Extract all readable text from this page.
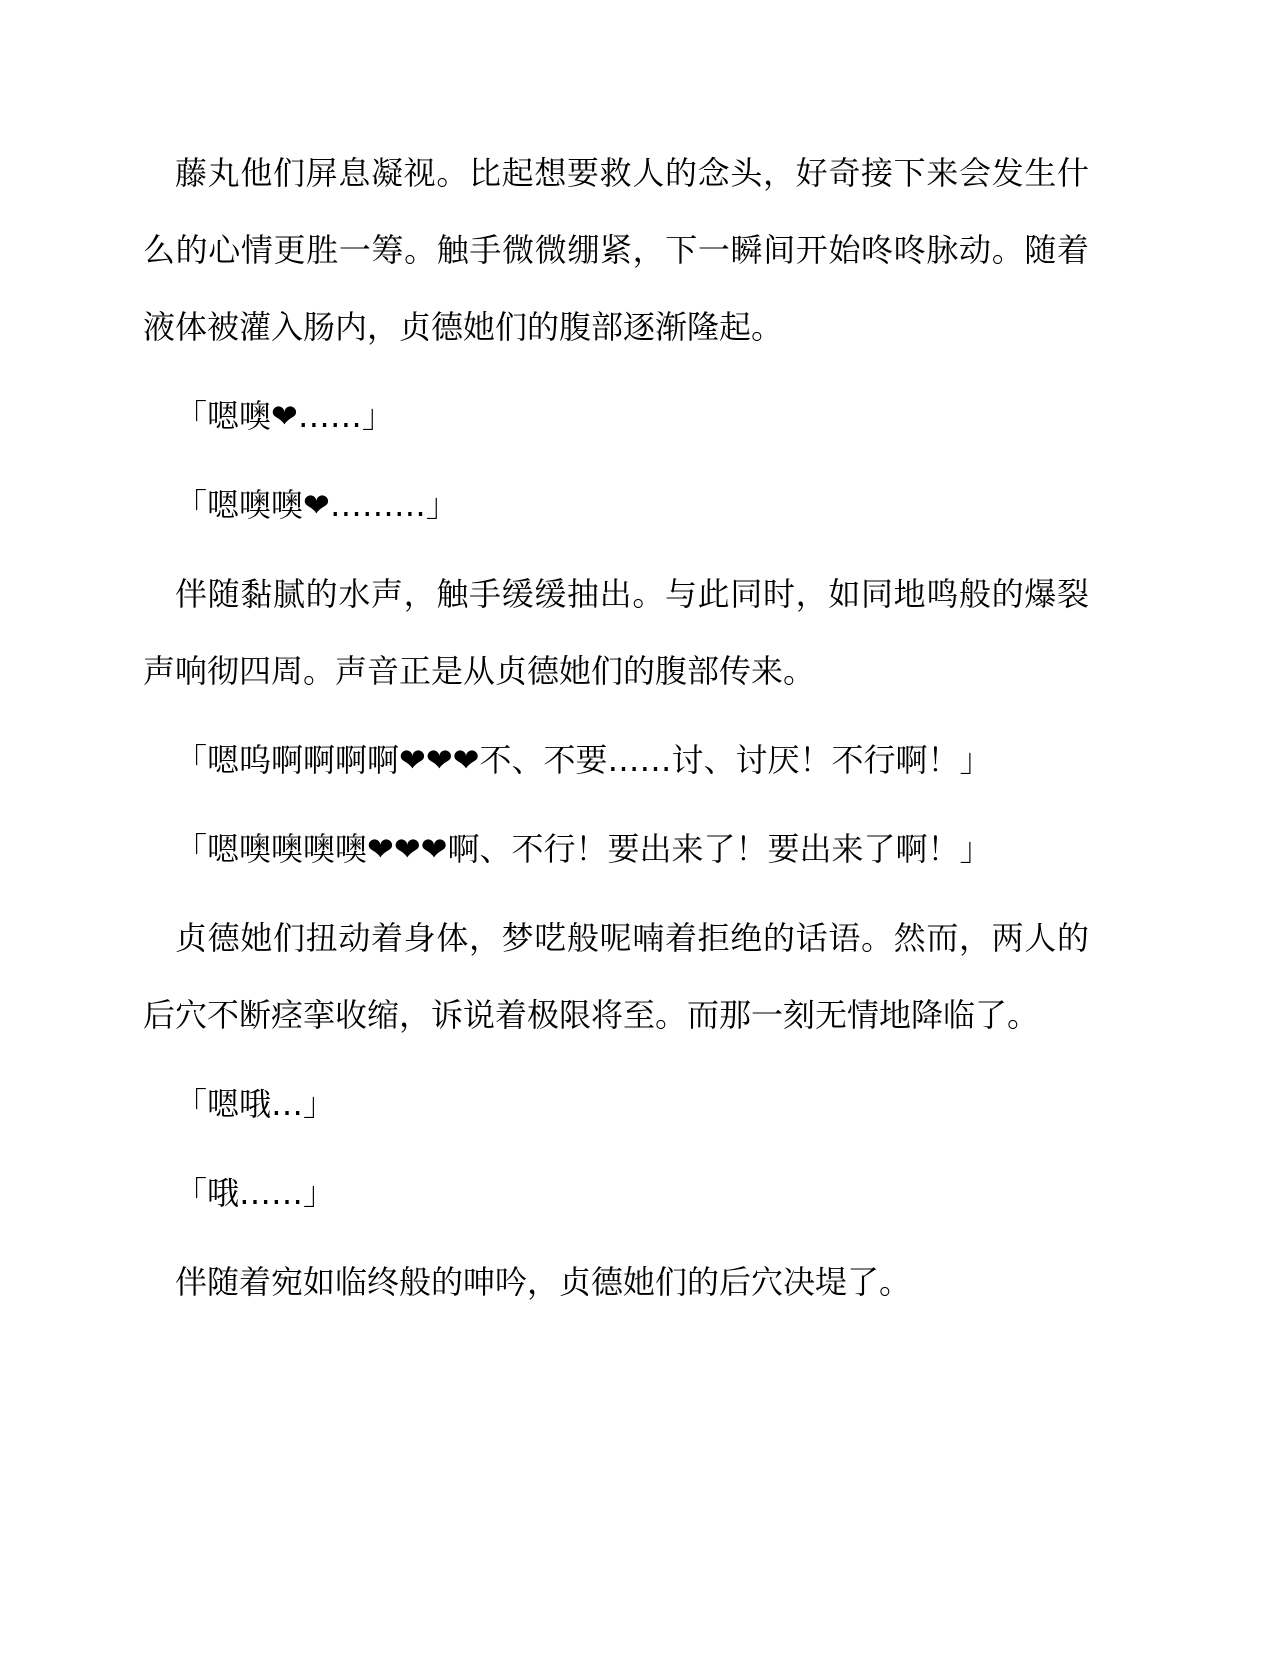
藤丸他们屏息凝视。比起想要救人的念头，好奇接下来会发生什么的心情更胜一筹。触手微微绷紧，下一瞬间开始咚咚脉动。随着液体被灌入肠内，贞德她们的腹部逐渐隆起。

「嗯噢❤……」

「嗯噢噢❤………」

伴随黏腻的水声，触手缓缓抽出。与此同时，如同地鸣般的爆裂声响彻四周。声音正是从贞德她们的腹部传来。

「嗯呜啊啊啊啊❤❤❤不、不要……讨、讨厌！不行啊！」

「嗯噢噢噢噢❤❤❤啊、不行！要出来了！要出来了啊！」

贞德她们扭动着身体，梦呓般呢喃着拒绝的话语。然而，两人的后穴不断痉挛收缩，诉说着极限将至。而那一刻无情地降临了。

「嗯哦…」

「哦……」

伴随着宛如临终般的呻吟，贞德她们的后穴决堤了。
